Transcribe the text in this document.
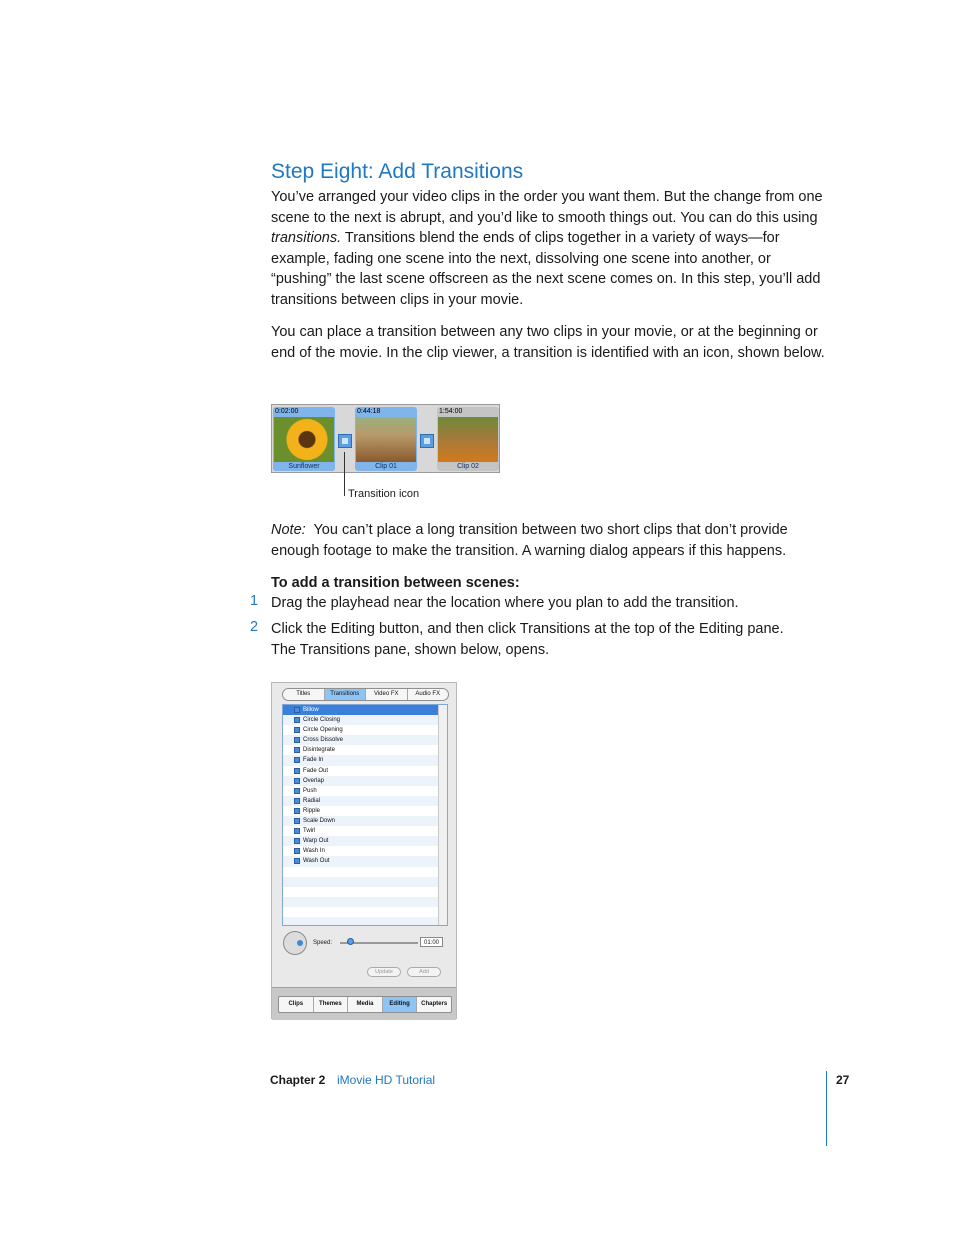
Step Eight: Add Transitions

You’ve arranged your video clips in the order you want them. But the change from one scene to the next is abrupt, and you’d like to smooth things out. You can do this using transitions. Transitions blend the ends of clips together in a variety of ways—for example, fading one scene into the next, dissolving one scene into another, or “pushing” the last scene offscreen as the next scene comes on. In this step, you’ll add transitions between clips in your movie.

You can place a transition between any two clips in your movie, or at the beginning or end of the movie. In the clip viewer, a transition is identified with an icon, shown below.
0:02:00
Sunflower
0:44:18
Clip 01
1:54:00
Clip 02
Transition icon

Note: You can’t place a long transition between two short clips that don’t provide enough footage to make the transition. A warning dialog appears if this happens.

To add a transition between scenes:
1 Drag the playhead near the location where you plan to add the transition.
2 Click the Editing button, and then click Transitions at the top of the Editing pane.
The Transitions pane, shown below, opens.
Titles	Transitions	Video FX	Audio FX
Billow
Circle Closing
Circle Opening
Cross Dissolve
Disintegrate
Fade In
Fade Out
Overlap
Push
Radial
Ripple
Scale Down
Twirl
Warp Out
Wash In
Wash Out
Speed:	01:00
Update	Add
Clips	Themes	Media	Editing	Chapters
Chapter 2 iMovie HD Tutorial	27
